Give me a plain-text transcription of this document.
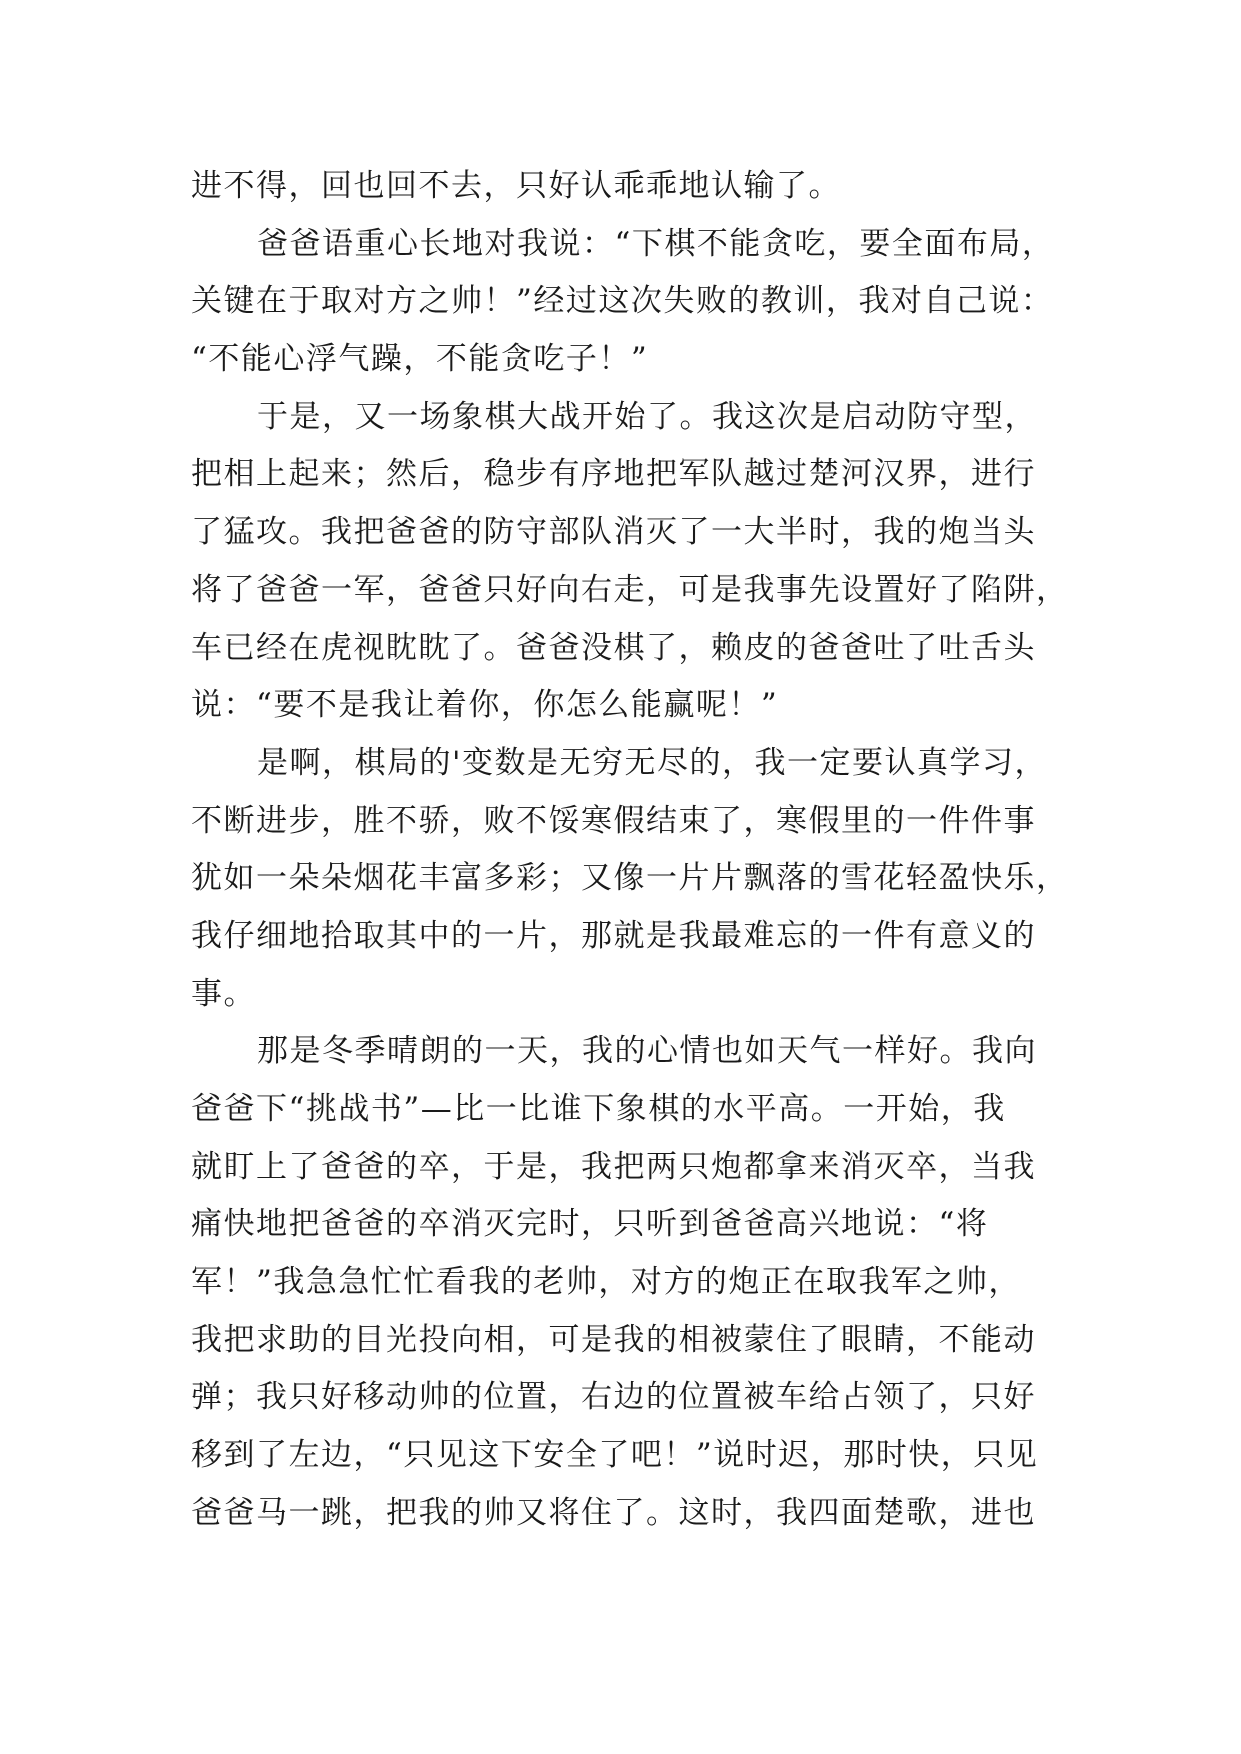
进不得，回也回不去，只好认乖乖地认输了。
爸爸语重心长地对我说：“下棋不能贪吃，要全面布局，
关键在于取对方之帅！”经过这次失败的教训，我对自己说：
“不能心浮气躁，不能贪吃子！”
于是，又一场象棋大战开始了。我这次是启动防守型，
把相上起来；然后，稳步有序地把军队越过楚河汉界，进行
了猛攻。我把爸爸的防守部队消灭了一大半时，我的炮当头
将了爸爸一军，爸爸只好向右走，可是我事先设置好了陷阱，
车已经在虎视眈眈了。爸爸没棋了，赖皮的爸爸吐了吐舌头
说：“要不是我让着你，你怎么能赢呢！”
是啊，棋局的'变数是无穷无尽的，我一定要认真学习，
不断进步，胜不骄，败不馁寒假结束了，寒假里的一件件事
犹如一朵朵烟花丰富多彩；又像一片片飘落的雪花轻盈快乐，
我仔细地拾取其中的一片，那就是我最难忘的一件有意义的
事。
那是冬季晴朗的一天，我的心情也如天气一样好。我向
爸爸下“挑战书”—比一比谁下象棋的水平高。一开始，我
就盯上了爸爸的卒，于是，我把两只炮都拿来消灭卒，当我
痛快地把爸爸的卒消灭完时，只听到爸爸高兴地说：“将
军！”我急急忙忙看我的老帅，对方的炮正在取我军之帅，
我把求助的目光投向相，可是我的相被蒙住了眼睛，不能动
弹；我只好移动帅的位置，右边的位置被车给占领了，只好
移到了左边，“只见这下安全了吧！”说时迟，那时快，只见
爸爸马一跳，把我的帅又将住了。这时，我四面楚歌，进也
